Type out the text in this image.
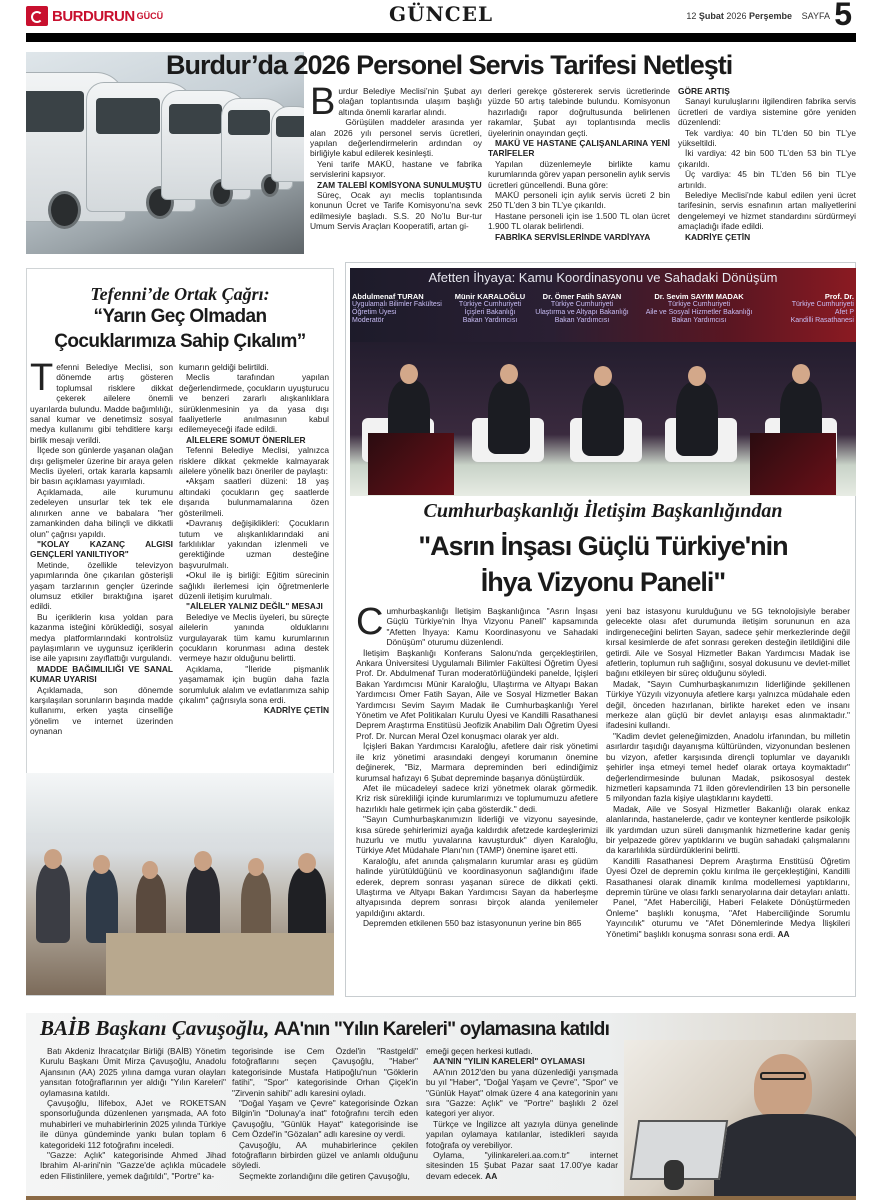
BURDURUN GÜCÜ	GÜNCEL	12 Şubat 2026 Perşembe SAYFA 5
Burdur’da 2026 Personel Servis Tarifesi Netleşti

Burdur Belediye Meclisi’nin Şubat ayı olağan toplantısında ulaşım başlığı altında önemli kararlar alındı.

Görüşülen maddeler arasında yer alan 2026 yılı personel servis ücretleri, yapılan değerlendirmelerin ardından oy birliğiyle kabul edilerek kesinleşti.

Yeni tarife MAKÜ, hastane ve fabrika servislerini kapsıyor.

ZAM TALEBİ KOMİSYONA SUNULMUŞTU

Süreç, Ocak ayı meclis toplantısında konunun Ücret ve Tarife Komisyonu’na sevk edilmesiyle başladı. S.S. 20 No’lu Bur-tur Umum Servis Araçları Kooperatifi, artan gi-

derleri gerekçe göstererek servis ücretlerinde yüzde 50 artış talebinde bulundu. Komisyonun hazırladığı rapor doğrultusunda belirlenen rakamlar, Şubat ayı toplantısında meclis üyelerinin onayından geçti.

MAKÜ VE HASTANE ÇALIŞANLARINA YENİ TARİFELER

Yapılan düzenlemeyle birlikte kamu kurumlarında görev yapan personelin aylık servis ücretleri güncellendi. Buna göre:

MAKÜ personeli için aylık servis ücreti 2 bin 250 TL’den 3 bin TL’ye çıkarıldı.

Hastane personeli için ise 1.500 TL olan ücret 1.900 TL olarak belirlendi.

FABRİKA SERVİSLERİNDE VARDİYAYA

GÖRE ARTIŞ

Sanayi kuruluşlarını ilgilendiren fabrika servis ücretleri de vardiya sistemine göre yeniden düzenlendi:

Tek vardiya: 40 bin TL’den 50 bin TL’ye yükseltildi.

İki vardiya: 42 bin 500 TL’den 53 bin TL’ye çıkarıldı.

Üç vardiya: 45 bin TL’den 56 bin TL’ye artırıldı.

Belediye Meclisi’nde kabul edilen yeni ücret tarifesinin, servis esnafının artan maliyetlerini dengelemeyi ve hizmet standardını sürdürmeyi amaçladığı ifade edildi.

KADRİYE ÇETİN

Tefenni’de Ortak Çağrı:
“Yarın Geç Olmadan
Çocuklarımıza Sahip Çıkalım”

Tefenni Belediye Meclisi, son dönemde artış gösteren toplumsal risklere dikkat çekerek ailelere önemli uyarılarda bulundu. Madde bağımlılığı, sanal kumar ve denetimsiz sosyal medya kullanımı gibi tehditlere karşı birlik mesajı verildi.

İlçede son günlerde yaşanan olağan dışı gelişmeler üzerine bir araya gelen Meclis üyeleri, ortak kararla kapsamlı bir basın açıklaması yayımladı.

Açıklamada, aile kurumunu zedeleyen unsurlar tek tek ele alınırken anne ve babalara "her zamankinden daha bilinçli ve dikkatli olun" çağrısı yapıldı.

"KOLAY KAZANÇ ALGISI GENÇLERİ YANILTIYOR"

Metinde, özellikle televizyon yapımlarında öne çıkarılan gösterişli yaşam tarzlarının gençler üzerinde olumsuz etkiler bıraktığına işaret edildi.

Bu içeriklerin kısa yoldan para kazanma isteğini körüklediği, sosyal medya platformlarındaki kontrolsüz paylaşımların ve uygunsuz içeriklerin ise aile yapısını zayıflattığı vurgulandı.

MADDE BAĞIMLILIĞI VE SANAL KUMAR UYARISI

Açıklamada, son dönemde karşılaşılan sorunların başında madde kullanımı, erken yaşta cinselliğe yönelim ve internet üzerinden oynanan

kumarın geldiği belirtildi.

Meclis tarafından yapılan değerlendirmede, çocukların uyuşturucu ve benzeri zararlı alışkanlıklara sürüklenmesinin ya da yasa dışı faaliyetlerle anılmasının kabul edilemeyeceği ifade edildi.

AİLELERE SOMUT ÖNERİLER

Tefenni Belediye Meclisi, yalnızca risklere dikkat çekmekle kalmayarak ailelere yönelik bazı öneriler de paylaştı:

•Akşam saatleri düzeni: 18 yaş altındaki çocukların geç saatlerde dışarıda bulunmamalarına özen gösterilmeli.

•Davranış değişiklikleri: Çocukların tutum ve alışkanlıklarındaki ani farklılıklar yakından izlenmeli ve gerektiğinde uzman desteğine başvurulmalı.

•Okul ile iş birliği: Eğitim sürecinin sağlıklı ilerlemesi için öğretmenlerle düzenli iletişim kurulmalı.

"AİLELER YALNIZ DEĞİL" MESAJI

Belediye ve Meclis üyeleri, bu süreçte ailelerin yanında olduklarını vurgulayarak tüm kamu kurumlarının çocukların korunması adına destek vermeye hazır olduğunu belirtti.

Açıklama, "İleride pişmanlık yaşamamak için bugün daha fazla sorumluluk alalım ve evlatlarımıza sahip çıkalım" çağrısıyla sona erdi.

KADRİYE ÇETİN

Afetten İhyaya: Kamu Koordinasyonu ve Sahadaki Dönüşüm
Abdulmenaf TURAN
Uygulamalı Bilimler Fakültesi
Öğretim Üyesi
Moderatör
Münir KARALOĞLU
Türkiye Cumhuriyeti
İçişleri Bakanlığı
Bakan Yardımcısı
Dr. Ömer Fatih SAYAN
Türkiye Cumhuriyeti
Ulaştırma ve Altyapı Bakanlığı
Bakan Yardımcısı
Dr. Sevim SAYIM MADAK
Türkiye Cumhuriyeti
Aile ve Sosyal Hizmetler Bakanlığı
Bakan Yardımcısı
Prof. Dr.
Türkiye Cumhuriyeti
Afet P
Kandilli Rasathanesi
Cumhurbaşkanlığı İletişim Başkanlığından
"Asrın İnşası Güçlü Türkiye'nin
İhya Vizyonu Paneli"

Cumhurbaşkanlığı İletişim Başkanlığınca "Asrın İnşası Güçlü Türkiye'nin İhya Vizyonu Paneli" kapsamında "Afetten İhyaya: Kamu Koordinasyonu ve Sahadaki Dönüşüm" oturumu düzenlendi.

İletişim Başkanlığı Konferans Salonu'nda gerçekleştirilen, Ankara Üniversitesi Uygulamalı Bilimler Fakültesi Öğretim Üyesi Prof. Dr. Abdulmenaf Turan moderatörlüğündeki panelde, İçişleri Bakan Yardımcısı Münir Karaloğlu, Ulaştırma ve Altyapı Bakan Yardımcısı Ömer Fatih Sayan, Aile ve Sosyal Hizmetler Bakan Yardımcısı Sevim Sayım Madak ile Cumhurbaşkanlığı Yerel Yönetim ve Afet Politikaları Kurulu Üyesi ve Kandilli Rasathanesi Deprem Araştırma Enstitüsü Jeofizik Anabilim Dalı Öğretim Üyesi Prof. Dr. Nurcan Meral Özel konuşmacı olarak yer aldı.

İçişleri Bakan Yardımcısı Karaloğlu, afetlere dair risk yönetimi ile kriz yönetimi arasındaki dengeyi korumanın önemine değinerek, "Biz, Marmara depreminden beri edindiğimiz kurumsal hafızayı 6 Şubat depreminde başarıya dönüştürdük.

Afet ile mücadeleyi sadece krizi yönetmek olarak görmedik. Kriz risk sürekliliği içinde kurumlarımızı ve toplumumuzu afetlere hazırlıklı hale getirmek için çaba gösterdik." dedi.

"Sayın Cumhurbaşkanımızın liderliği ve vizyonu sayesinde, kısa sürede şehirlerimizi ayağa kaldırdık afetzede kardeşlerimizi huzurlu ve mutlu yuvalarına kavuşturduk" diyen Karaloğlu, Türkiye Afet Müdahale Planı'nın (TAMP) önemine işaret etti.

Karaloğlu, afet anında çalışmaların kurumlar arası eş güdüm halinde yürütüldüğünü ve koordinasyonun sağlandığını ifade ederek, deprem sonrası yaşanan sürece de dikkati çekti. Ulaştırma ve Altyapı Bakan Yardımcısı Sayan da haberleşme altyapısında deprem sonrası birçok alanda yenilemeler yapıldığını aktardı.

Depremden etkilenen 550 baz istasyonunun yerine bin 865

yeni baz istasyonu kurulduğunu ve 5G teknolojisiyle beraber gelecekte olası afet durumunda iletişim sorununun en aza indirgeneceğini belirten Sayan, sadece şehir merkezlerinde değil kırsal kesimlerde de afet sonrası gereken desteğin iletildiğini dile getirdi. Aile ve Sosyal Hizmetler Bakan Yardımcısı Madak ise afetlerin, toplumun ruh sağlığını, sosyal dokusunu ve devlet-millet bağını etkileyen bir süreç olduğunu söyledi.

Madak, "Sayın Cumhurbaşkanımızın liderliğinde şekillenen Türkiye Yüzyılı vizyonuyla afetlere karşı yalnızca müdahale eden değil, önceden hazırlanan, birlikte hareket eden ve insanı merkeze alan güçlü bir devlet anlayışı esas alınmaktadır." ifadesini kullandı.

"Kadim devlet geleneğimizden, Anadolu irfanından, bu milletin asırlardır taşıdığı dayanışma kültüründen, vizyonundan beslenen bu vizyon, afetler karşısında dirençli toplumlar ve dayanıklı şehirler inşa etmeyi temel hedef olarak ortaya koymaktadır" değerlendirmesinde bulunan Madak, psikososyal destek hizmetleri kapsamında 71 ilden görevlendirilen 13 bin personelle 5 milyondan fazla kişiye ulaştıklarını kaydetti.

Madak, Aile ve Sosyal Hizmetler Bakanlığı olarak enkaz alanlarında, hastanelerde, çadır ve konteyner kentlerde psikolojik ilk yardımdan uzun süreli danışmanlık hizmetlerine kadar geniş bir yelpazede görev yaptıklarını ve bugün sahadaki çalışmalarını da kararlılıkla sürdürdüklerini belirtti.

Kandilli Rasathanesi Deprem Araştırma Enstitüsü Öğretim Üyesi Özel de depremin çoklu kırılma ile gerçekleştiğini, Kandilli Rasathanesi olarak dinamik kırılma modellemesi yaptıklarını, depremin türüne ve olası farklı senaryolarına dair detayları anlattı.

Panel, "Afet Haberciliği, Haberi Felakete Dönüştürmeden Önleme" başlıklı konuşma, "Afet Haberciliğinde Sorumlu Yayıncılık" oturumu ve "Afet Dönemlerinde Medya İlişkileri Yönetimi" başlıklı konuşma sonrası sona erdi. AA

BAİB Başkanı Çavuşoğlu, AA'nın "Yılın Kareleri" oylamasına katıldı

Batı Akdeniz İhracatçılar Birliği (BAİB) Yönetim Kurulu Başkanı Ümit Mirza Çavuşoğlu, Anadolu Ajansının (AA) 2025 yılına damga vuran olayları yansıtan fotoğraflarının yer aldığı "Yılın Kareleri" oylamasına katıldı.

Çavuşoğlu, Ilifebox, AJet ve ROKETSAN sponsorluğunda düzenlenen yarışmada, AA foto muhabirleri ve muhabirlerinin 2025 yılında Türkiye ile dünya gündeminde yankı bulan toplam 6 kategorideki 112 fotoğrafını inceledi.

"Gazze: Açlık" kategorisinde Ahmed Jihad Ibrahim Al-arini'nin "Gazze'de açlıkla mücadele eden Filistinlilere, yemek dağıtıldı", "Portre" ka-

tegorisinde ise Cem Özdel'in "Rastgeldi" fotoğraflarını seçen Çavuşoğlu, "Haber" kategorisinde Mustafa Hatipoğlu'nun "Göklerin fatihi", "Spor" kategorisinde Orhan Çiçek'in "Zirvenin sahibi" adlı karesini oyladı.

"Doğal Yaşam ve Çevre" kategorisinde Özkan Bilgin'in "Dolunay'a inat" fotoğrafını tercih eden Çavuşoğlu, "Günlük Hayat" kategorisinde ise Cem Özdel'in "Gözalan" adlı karesine oy verdi.

Çavuşoğlu, AA muhabirlerince çekilen fotoğrafların birbirden güzel ve anlamlı olduğunu söyledi.

Seçmekte zorlandığını dile getiren Çavuşoğlu,

emeği geçen herkesi kutladı.

AA'NIN "YILIN KARELERİ" OYLAMASI

AA'nın 2012'den bu yana düzenlediği yarışmada bu yıl "Haber", "Doğal Yaşam ve Çevre", "Spor" ve "Günlük Hayat" olmak üzere 4 ana kategorinin yanı sıra "Gazze: Açlık" ve "Portre" başlıklı 2 özel kategori yer alıyor.

Türkçe ve İngilizce alt yazıyla dünya genelinde yapılan oylamaya katılanlar, istedikleri sayıda fotoğrafa oy verebiliyor.

Oylama, "yilinkareleri.aa.com.tr" internet sitesinden 15 Şubat Pazar saat 17.00'ye kadar devam edecek. AA
